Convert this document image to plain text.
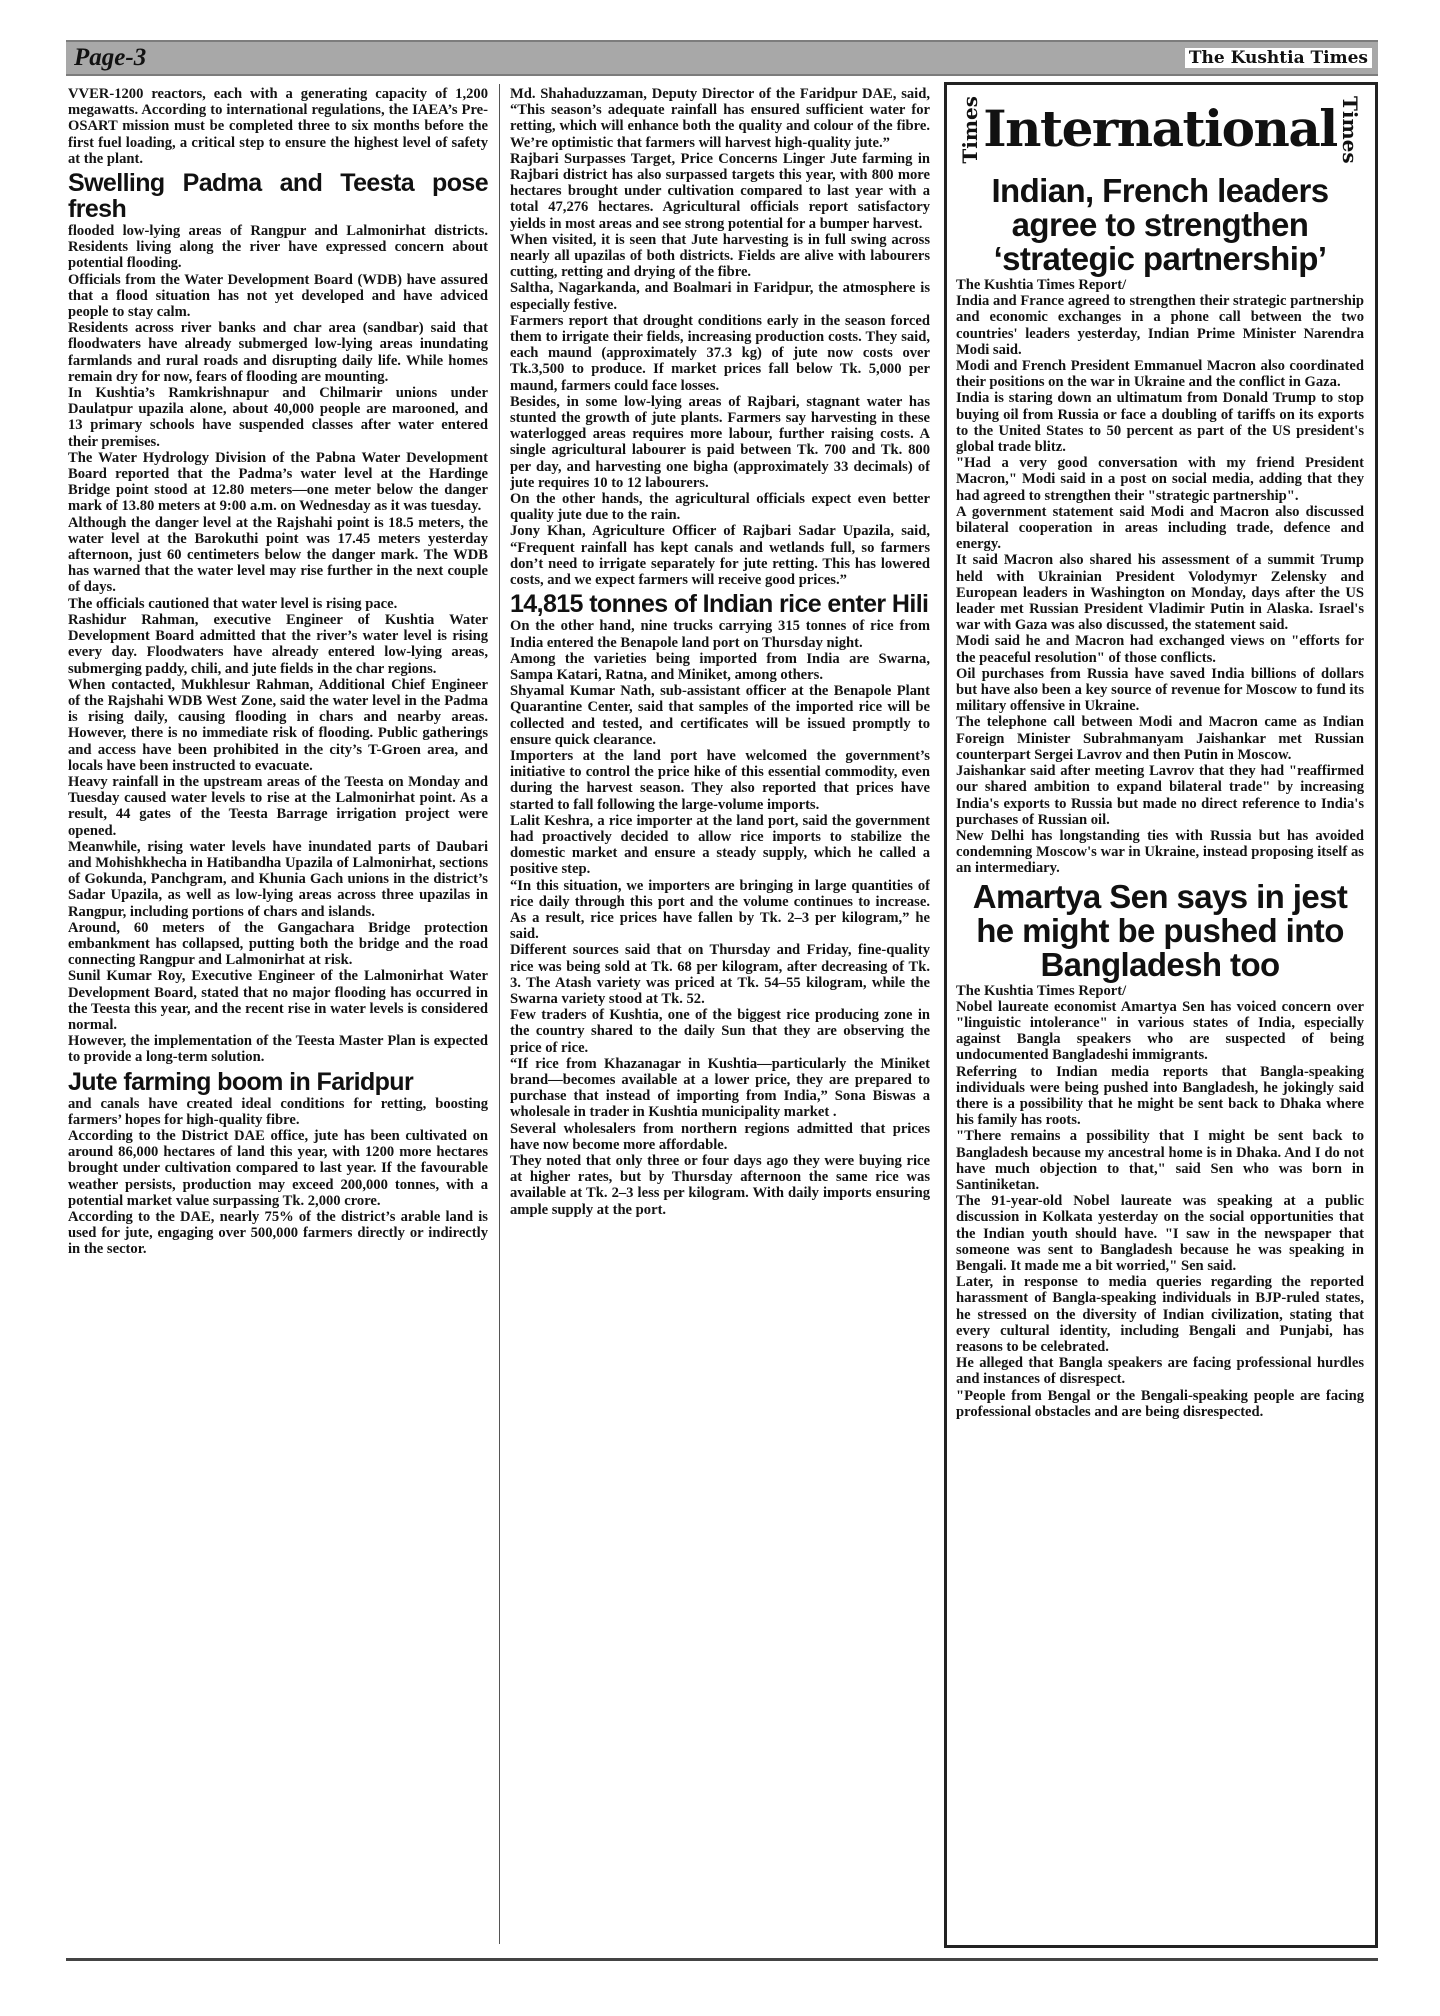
Page-3	The Kushtia Times

VVER-1200 reactors, each with a generating capacity of 1,200 megawatts. According to international regulations, the IAEA’s Pre-OSART mission must be completed three to six months before the first fuel loading, a critical step to ensure the highest level of safety at the plant.

Swelling Padma and Teesta pose fresh

flooded low-lying areas of Rangpur and Lalmonirhat districts. Residents living along the river have expressed concern about potential flooding.

Officials from the Water Development Board (WDB) have assured that a flood situation has not yet developed and have adviced people to stay calm.

Residents across river banks and char area (sandbar) said that floodwaters have already submerged low-lying areas inundating farmlands and rural roads and disrupting daily life. While homes remain dry for now, fears of flooding are mounting.

In Kushtia’s Ramkrishnapur and Chilmarir unions under Daulatpur upazila alone, about 40,000 people are marooned, and 13 primary schools have suspended classes after water entered their premises.

The Water Hydrology Division of the Pabna Water Development Board reported that the Padma’s water level at the Hardinge Bridge point stood at 12.80 meters—one meter below the danger mark of 13.80 meters at 9:00 a.m. on Wednesday as it was tuesday.

Although the danger level at the Rajshahi point is 18.5 meters, the water level at the Barokuthi point was 17.45 meters yesterday afternoon, just 60 centimeters below the danger mark. The WDB has warned that the water level may rise further in the next couple of days.

The officials cautioned that water level is rising pace.

Rashidur Rahman, executive Engineer of Kushtia Water Development Board admitted that the river’s water level is rising every day. Floodwaters have already entered low-lying areas, submerging paddy, chili, and jute fields in the char regions.

When contacted, Mukhlesur Rahman, Additional Chief Engineer of the Rajshahi WDB West Zone, said the water level in the Padma is rising daily, causing flooding in chars and nearby areas. However, there is no immediate risk of flooding. Public gatherings and access have been prohibited in the city’s T-Groen area, and locals have been instructed to evacuate.

Heavy rainfall in the upstream areas of the Teesta on Monday and Tuesday caused water levels to rise at the Lalmonirhat point. As a result, 44 gates of the Teesta Barrage irrigation project were opened.

Meanwhile, rising water levels have inundated parts of Daubari and Mohishkhecha in Hatibandha Upazila of Lalmonirhat, sections of Gokunda, Panchgram, and Khunia Gach unions in the district’s Sadar Upazila, as well as low-lying areas across three upazilas in Rangpur, including portions of chars and islands.

Around, 60 meters of the Gangachara Bridge protection embankment has collapsed, putting both the bridge and the road connecting Rangpur and Lalmonirhat at risk.

Sunil Kumar Roy, Executive Engineer of the Lalmonirhat Water Development Board, stated that no major flooding has occurred in the Teesta this year, and the recent rise in water levels is considered normal.

However, the implementation of the Teesta Master Plan is expected to provide a long-term solution.

Jute farming boom in Faridpur

and canals have created ideal conditions for retting, boosting farmers’ hopes for high-quality fibre.

According to the District DAE office, jute has been cultivated on around 86,000 hectares of land this year, with 1200 more hectares brought under cultivation compared to last year. If the favourable weather persists, production may exceed 200,000 tonnes, with a potential market value surpassing Tk. 2,000 crore.

According to the DAE, nearly 75% of the district’s arable land is used for jute, engaging over 500,000 farmers directly or indirectly in the sector.

Md. Shahaduzzaman, Deputy Director of the Faridpur DAE, said, “This season’s adequate rainfall has ensured sufficient water for retting, which will enhance both the quality and colour of the fibre. We’re optimistic that farmers will harvest high-quality jute.”

Rajbari Surpasses Target, Price Concerns Linger Jute farming in Rajbari district has also surpassed targets this year, with 800 more hectares brought under cultivation compared to last year with a total 47,276 hectares. Agricultural officials report satisfactory yields in most areas and see strong potential for a bumper harvest.

When visited, it is seen that Jute harvesting is in full swing across nearly all upazilas of both districts. Fields are alive with labourers cutting, retting and drying of the fibre.

Saltha, Nagarkanda, and Boalmari in Faridpur, the atmosphere is especially festive.

Farmers report that drought conditions early in the season forced them to irrigate their fields, increasing production costs. They said, each maund (approximately 37.3 kg) of jute now costs over Tk.3,500 to produce. If market prices fall below Tk. 5,000 per maund, farmers could face losses.

Besides, in some low-lying areas of Rajbari, stagnant water has stunted the growth of jute plants. Farmers say harvesting in these waterlogged areas requires more labour, further raising costs. A single agricultural labourer is paid between Tk. 700 and Tk. 800 per day, and harvesting one bigha (approximately 33 decimals) of jute requires 10 to 12 labourers.

On the other hands, the agricultural officials expect even better quality jute due to the rain.

Jony Khan, Agriculture Officer of Rajbari Sadar Upazila, said, “Frequent rainfall has kept canals and wetlands full, so farmers don’t need to irrigate separately for jute retting. This has lowered costs, and we expect farmers will receive good prices.”

14,815 tonnes of Indian rice enter Hili

On the other hand, nine trucks carrying 315 tonnes of rice from India entered the Benapole land port on Thursday night.

Among the varieties being imported from India are Swarna, Sampa Katari, Ratna, and Miniket, among others.

Shyamal Kumar Nath, sub-assistant officer at the Benapole Plant Quarantine Center, said that samples of the imported rice will be collected and tested, and certificates will be issued promptly to ensure quick clearance.

Importers at the land port have welcomed the government’s initiative to control the price hike of this essential commodity, even during the harvest season. They also reported that prices have started to fall following the large-volume imports.

Lalit Keshra, a rice importer at the land port, said the government had proactively decided to allow rice imports to stabilize the domestic market and ensure a steady supply, which he called a positive step.

“In this situation, we importers are bringing in large quantities of rice daily through this port and the volume continues to increase. As a result, rice prices have fallen by Tk. 2–3 per kilogram,” he said.

Different sources said that on Thursday and Friday, fine-quality rice was being sold at Tk. 68 per kilogram, after decreasing of Tk. 3. The Atash variety was priced at Tk. 54–55 kilogram, while the Swarna variety stood at Tk. 52.

Few traders of Kushtia, one of the biggest rice producing zone in the country shared to the daily Sun that they are observing the price of rice.

“If rice from Khazanagar in Kushtia—particularly the Miniket brand—becomes available at a lower price, they are prepared to purchase that instead of importing from India,” Sona Biswas a wholesale in trader in Kushtia municipality market .

Several wholesalers from northern regions admitted that prices have now become more affordable.

They noted that only three or four days ago they were buying rice at higher rates, but by Thursday afternoon the same rice was available at Tk. 2–3 less per kilogram. With daily imports ensuring ample supply at the port.

Times International Times

Indian, French leaders agree to strengthen ‘strategic partnership’

The Kushtia Times Report/

India and France agreed to strengthen their strategic partnership and economic exchanges in a phone call between the two countries' leaders yesterday, Indian Prime Minister Narendra Modi said.

Modi and French President Emmanuel Macron also coordinated their positions on the war in Ukraine and the conflict in Gaza.

India is staring down an ultimatum from Donald Trump to stop buying oil from Russia or face a doubling of tariffs on its exports to the United States to 50 percent as part of the US president's global trade blitz.

"Had a very good conversation with my friend President Macron," Modi said in a post on social media, adding that they had agreed to strengthen their "strategic partnership".

A government statement said Modi and Macron also discussed bilateral cooperation in areas including trade, defence and energy.

It said Macron also shared his assessment of a summit Trump held with Ukrainian President Volodymyr Zelensky and European leaders in Washington on Monday, days after the US leader met Russian President Vladimir Putin in Alaska. Israel's war with Gaza was also discussed, the statement said.

Modi said he and Macron had exchanged views on "efforts for the peaceful resolution" of those conflicts.

Oil purchases from Russia have saved India billions of dollars but have also been a key source of revenue for Moscow to fund its military offensive in Ukraine.

The telephone call between Modi and Macron came as Indian Foreign Minister Subrahmanyam Jaishankar met Russian counterpart Sergei Lavrov and then Putin in Moscow.

Jaishankar said after meeting Lavrov that they had "reaffirmed our shared ambition to expand bilateral trade" by increasing India's exports to Russia but made no direct reference to India's purchases of Russian oil.

New Delhi has longstanding ties with Russia but has avoided condemning Moscow's war in Ukraine, instead proposing itself as an intermediary.

Amartya Sen says in jest he might be pushed into Bangladesh too

The Kushtia Times Report/

Nobel laureate economist Amartya Sen has voiced concern over "linguistic intolerance" in various states of India, especially against Bangla speakers who are suspected of being undocumented Bangladeshi immigrants.

Referring to Indian media reports that Bangla-speaking individuals were being pushed into Bangladesh, he jokingly said there is a possibility that he might be sent back to Dhaka where his family has roots.

"There remains a possibility that I might be sent back to Bangladesh because my ancestral home is in Dhaka. And I do not have much objection to that," said Sen who was born in Santiniketan.

The 91-year-old Nobel laureate was speaking at a public discussion in Kolkata yesterday on the social opportunities that the Indian youth should have. "I saw in the newspaper that someone was sent to Bangladesh because he was speaking in Bengali. It made me a bit worried," Sen said.

Later, in response to media queries regarding the reported harassment of Bangla-speaking individuals in BJP-ruled states, he stressed on the diversity of Indian civilization, stating that every cultural identity, including Bengali and Punjabi, has reasons to be celebrated.

He alleged that Bangla speakers are facing professional hurdles and instances of disrespect.

"People from Bengal or the Bengali-speaking people are facing professional obstacles and are being disrespected.
